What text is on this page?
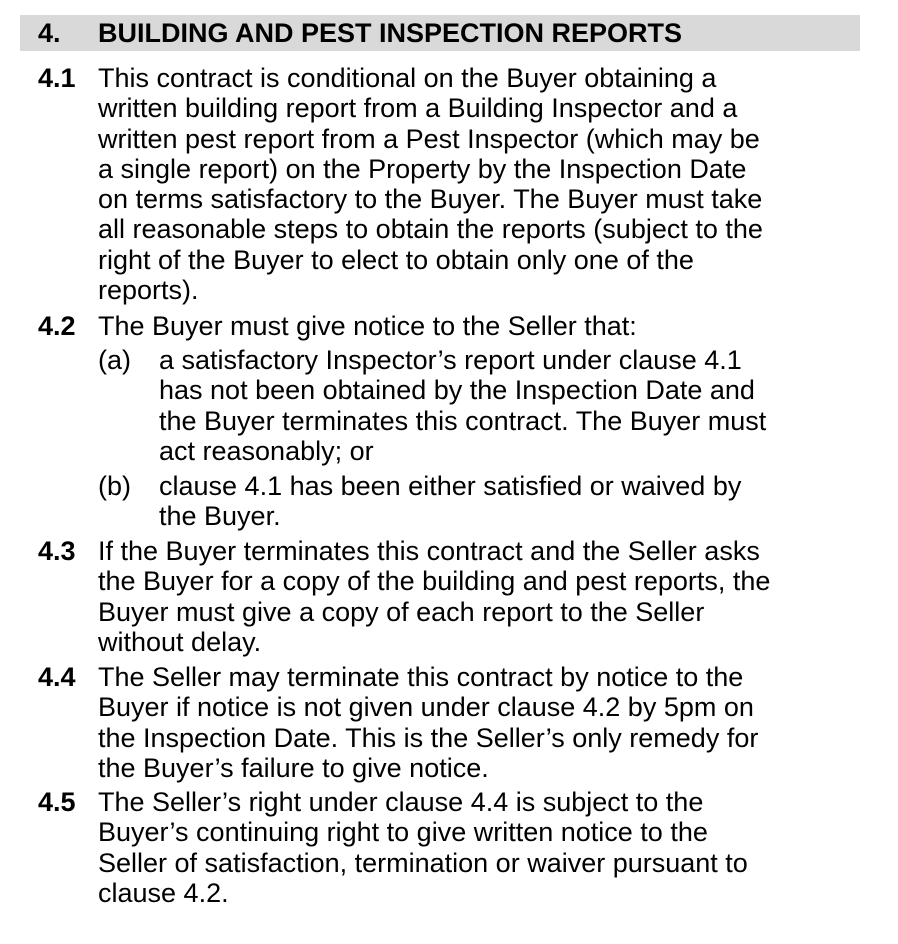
4. BUILDING AND PEST INSPECTION REPORTS
4.1 This contract is conditional on the Buyer obtaining a
written building report from a Building Inspector and a
written pest report from a Pest Inspector (which may be
a single report) on the Property by the Inspection Date
on terms satisfactory to the Buyer. The Buyer must take
all reasonable steps to obtain the reports (subject to the
right of the Buyer to elect to obtain only one of the
reports).
4.2 The Buyer must give notice to the Seller that:
(a) a satisfactory Inspector’s report under clause 4.1
has not been obtained by the Inspection Date and
the Buyer terminates this contract. The Buyer must
act reasonably; or
(b) clause 4.1 has been either satisfied or waived by
the Buyer.
4.3 If the Buyer terminates this contract and the Seller asks
the Buyer for a copy of the building and pest reports, the
Buyer must give a copy of each report to the Seller
without delay.
4.4 The Seller may terminate this contract by notice to the
Buyer if notice is not given under clause 4.2 by 5pm on
the Inspection Date. This is the Seller’s only remedy for
the Buyer’s failure to give notice.
4.5 The Seller’s right under clause 4.4 is subject to the
Buyer’s continuing right to give written notice to the
Seller of satisfaction, termination or waiver pursuant to
clause 4.2.
